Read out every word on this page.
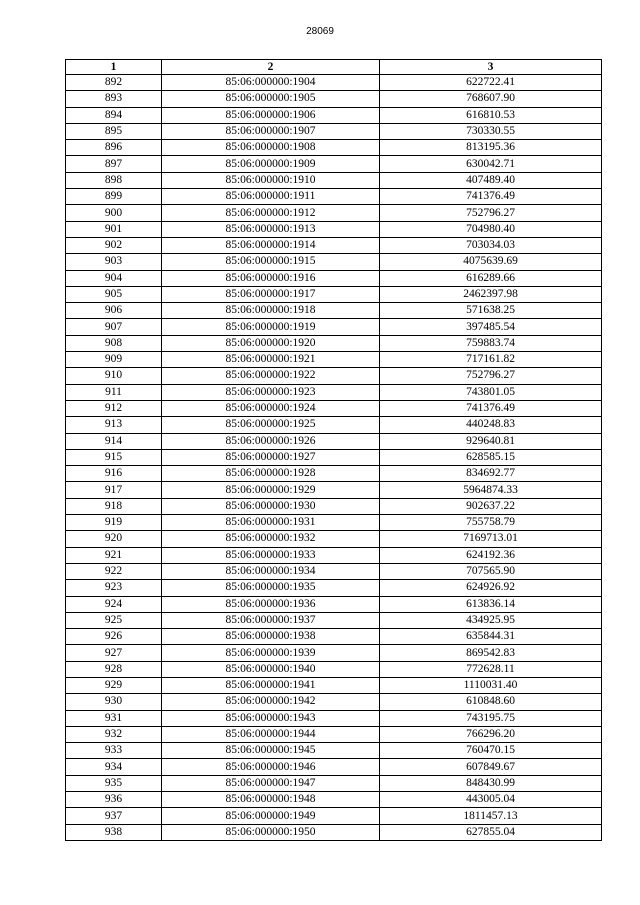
28069
1	2	3
892	85:06:000000:1904	622722.41
893	85:06:000000:1905	768607.90
894	85:06:000000:1906	616810.53
895	85:06:000000:1907	730330.55
896	85:06:000000:1908	813195.36
897	85:06:000000:1909	630042.71
898	85:06:000000:1910	407489.40
899	85:06:000000:1911	741376.49
900	85:06:000000:1912	752796.27
901	85:06:000000:1913	704980.40
902	85:06:000000:1914	703034.03
903	85:06:000000:1915	4075639.69
904	85:06:000000:1916	616289.66
905	85:06:000000:1917	2462397.98
906	85:06:000000:1918	571638.25
907	85:06:000000:1919	397485.54
908	85:06:000000:1920	759883.74
909	85:06:000000:1921	717161.82
910	85:06:000000:1922	752796.27
911	85:06:000000:1923	743801.05
912	85:06:000000:1924	741376.49
913	85:06:000000:1925	440248.83
914	85:06:000000:1926	929640.81
915	85:06:000000:1927	628585.15
916	85:06:000000:1928	834692.77
917	85:06:000000:1929	5964874.33
918	85:06:000000:1930	902637.22
919	85:06:000000:1931	755758.79
920	85:06:000000:1932	7169713.01
921	85:06:000000:1933	624192.36
922	85:06:000000:1934	707565.90
923	85:06:000000:1935	624926.92
924	85:06:000000:1936	613836.14
925	85:06:000000:1937	434925.95
926	85:06:000000:1938	635844.31
927	85:06:000000:1939	869542.83
928	85:06:000000:1940	772628.11
929	85:06:000000:1941	1110031.40
930	85:06:000000:1942	610848.60
931	85:06:000000:1943	743195.75
932	85:06:000000:1944	766296.20
933	85:06:000000:1945	760470.15
934	85:06:000000:1946	607849.67
935	85:06:000000:1947	848430.99
936	85:06:000000:1948	443005.04
937	85:06:000000:1949	1811457.13
938	85:06:000000:1950	627855.04
